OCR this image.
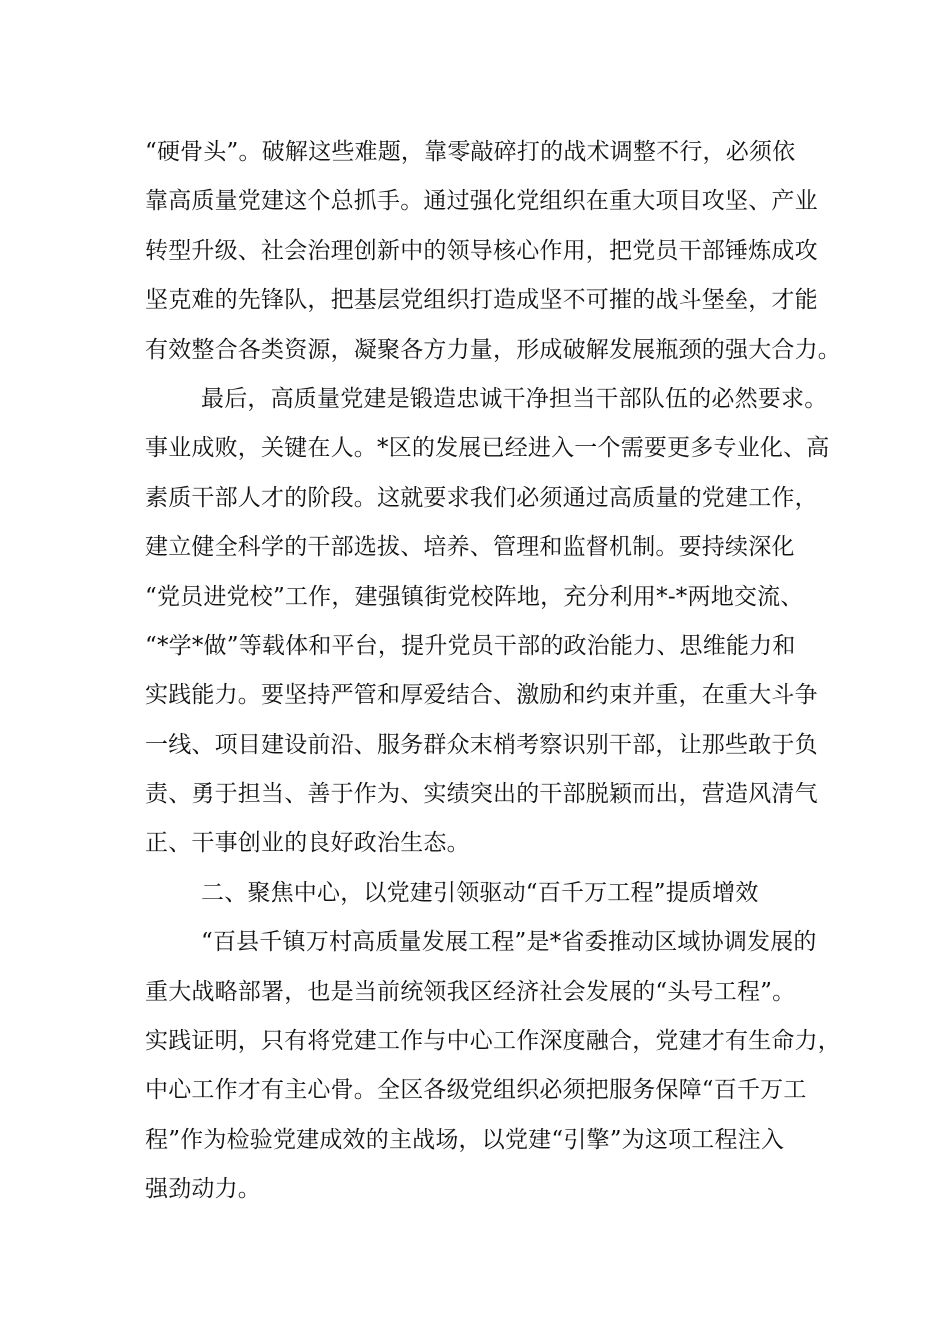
“硬骨头”。破解这些难题，靠零敲碎打的战术调整不行，必须依
靠高质量党建这个总抓手。通过强化党组织在重大项目攻坚、产业
转型升级、社会治理创新中的领导核心作用，把党员干部锤炼成攻
坚克难的先锋队，把基层党组织打造成坚不可摧的战斗堡垒，才能
有效整合各类资源，凝聚各方力量，形成破解发展瓶颈的强大合力。
最后，高质量党建是锻造忠诚干净担当干部队伍的必然要求。
事业成败，关键在人。*区的发展已经进入一个需要更多专业化、高
素质干部人才的阶段。这就要求我们必须通过高质量的党建工作，
建立健全科学的干部选拔、培养、管理和监督机制。要持续深化
“党员进党校”工作，建强镇街党校阵地，充分利用*-*两地交流、
“*学*做”等载体和平台，提升党员干部的政治能力、思维能力和
实践能力。要坚持严管和厚爱结合、激励和约束并重，在重大斗争
一线、项目建设前沿、服务群众末梢考察识别干部，让那些敢于负
责、勇于担当、善于作为、实绩突出的干部脱颖而出，营造风清气
正、干事创业的良好政治生态。
二、聚焦中心，以党建引领驱动“百千万工程”提质增效
“百县千镇万村高质量发展工程”是*省委推动区域协调发展的
重大战略部署，也是当前统领我区经济社会发展的“头号工程”。
实践证明，只有将党建工作与中心工作深度融合，党建才有生命力，
中心工作才有主心骨。全区各级党组织必须把服务保障“百千万工
程”作为检验党建成效的主战场，以党建“引擎”为这项工程注入
强劲动力。
